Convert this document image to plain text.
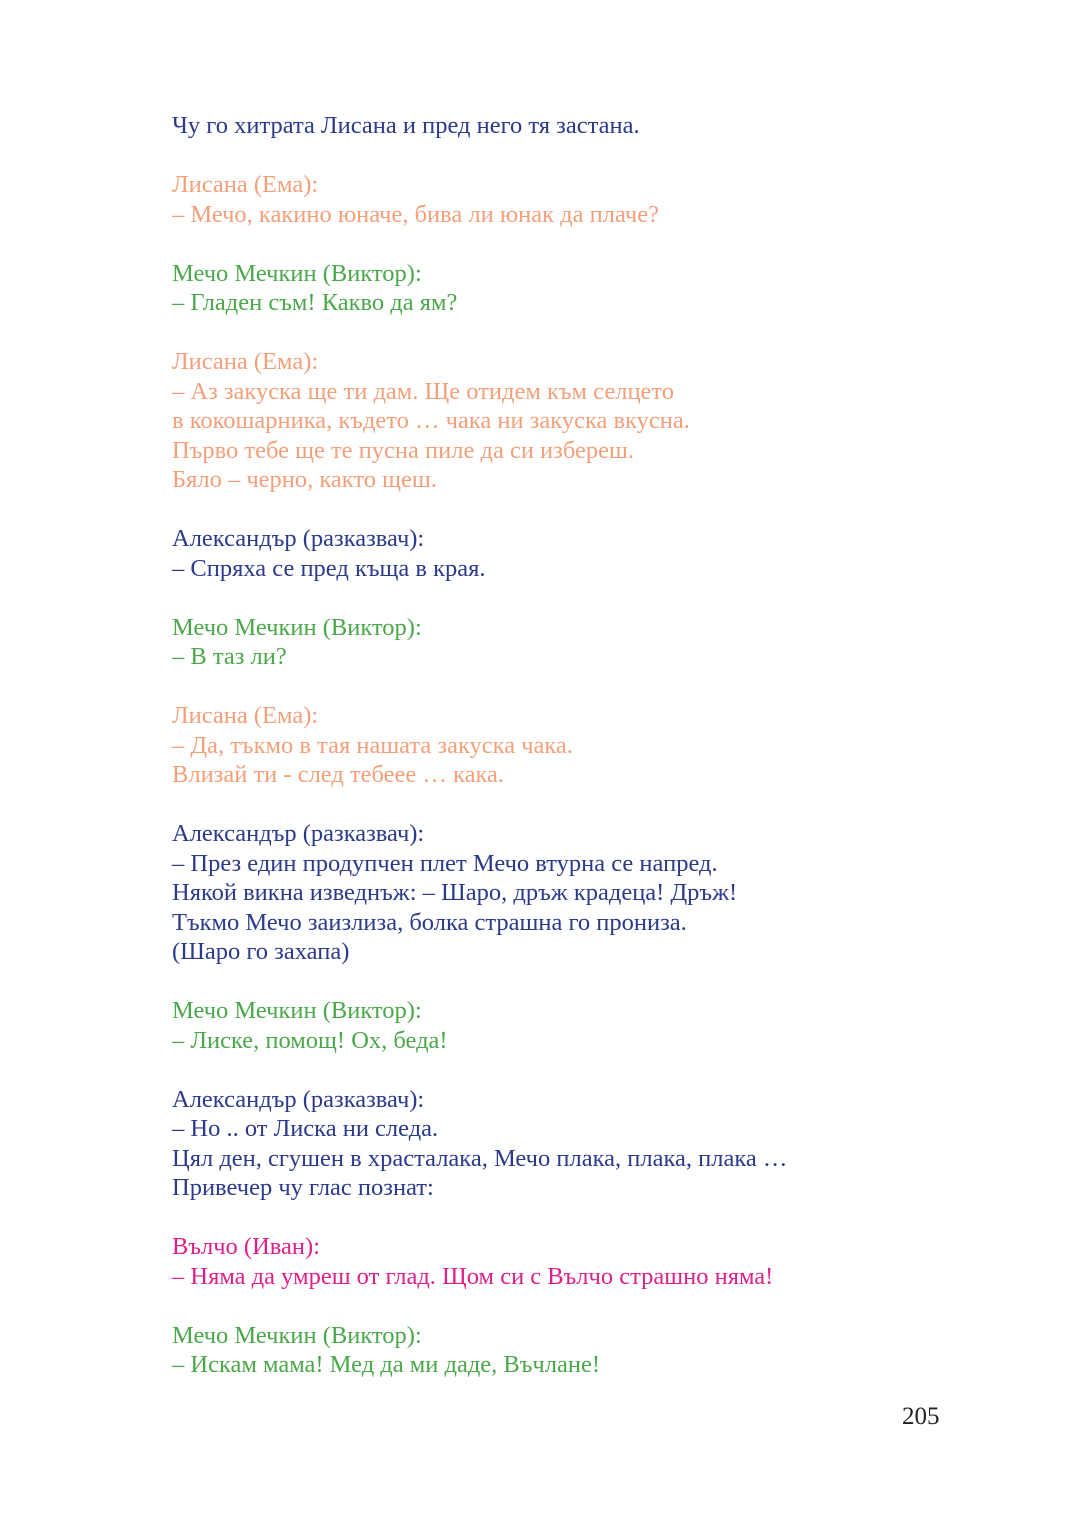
Чу го хитрата Лисана и пред него тя застана.
Лисана (Ема):
– Мечо, какино юначе, бива ли юнак да плаче?
Мечо Мечкин (Виктор):
– Гладен съм! Какво да ям?
Лисана (Ема):
– Аз закуска ще ти дам. Ще отидем към селцето
в кокошарника, където … чака ни закуска вкусна.
Първо тебе ще те пусна пиле да си избереш.
Бяло – черно, както щеш.
Александър (разказвач):
– Спряха се пред къща в края.
Мечо Мечкин (Виктор):
– В таз ли?
Лисана (Ема):
– Да, тъкмо в тая нашата закуска чака.
Влизай ти - след тебеее … кака.
Александър (разказвач):
– През един продупчен плет Мечо втурна се напред.
Някой викна изведнъж: – Шаро, дръж крадеца! Дръж!
Тъкмо Мечо заизлиза, болка страшна го прониза.
(Шаро го захапа)
Мечо Мечкин (Виктор):
– Лиске, помощ! Ох, беда!
Александър (разказвач):
– Но .. от Лиска ни следа.
Цял ден, сгушен в храсталака, Мечо плака, плака, плака …
Привечер чу глас познат:
Вълчо (Иван):
– Няма да умреш от глад. Щом си с Вълчо страшно няма!
Мечо Мечкин (Виктор):
– Искам мама! Мед да ми даде, Въчлане!
205
